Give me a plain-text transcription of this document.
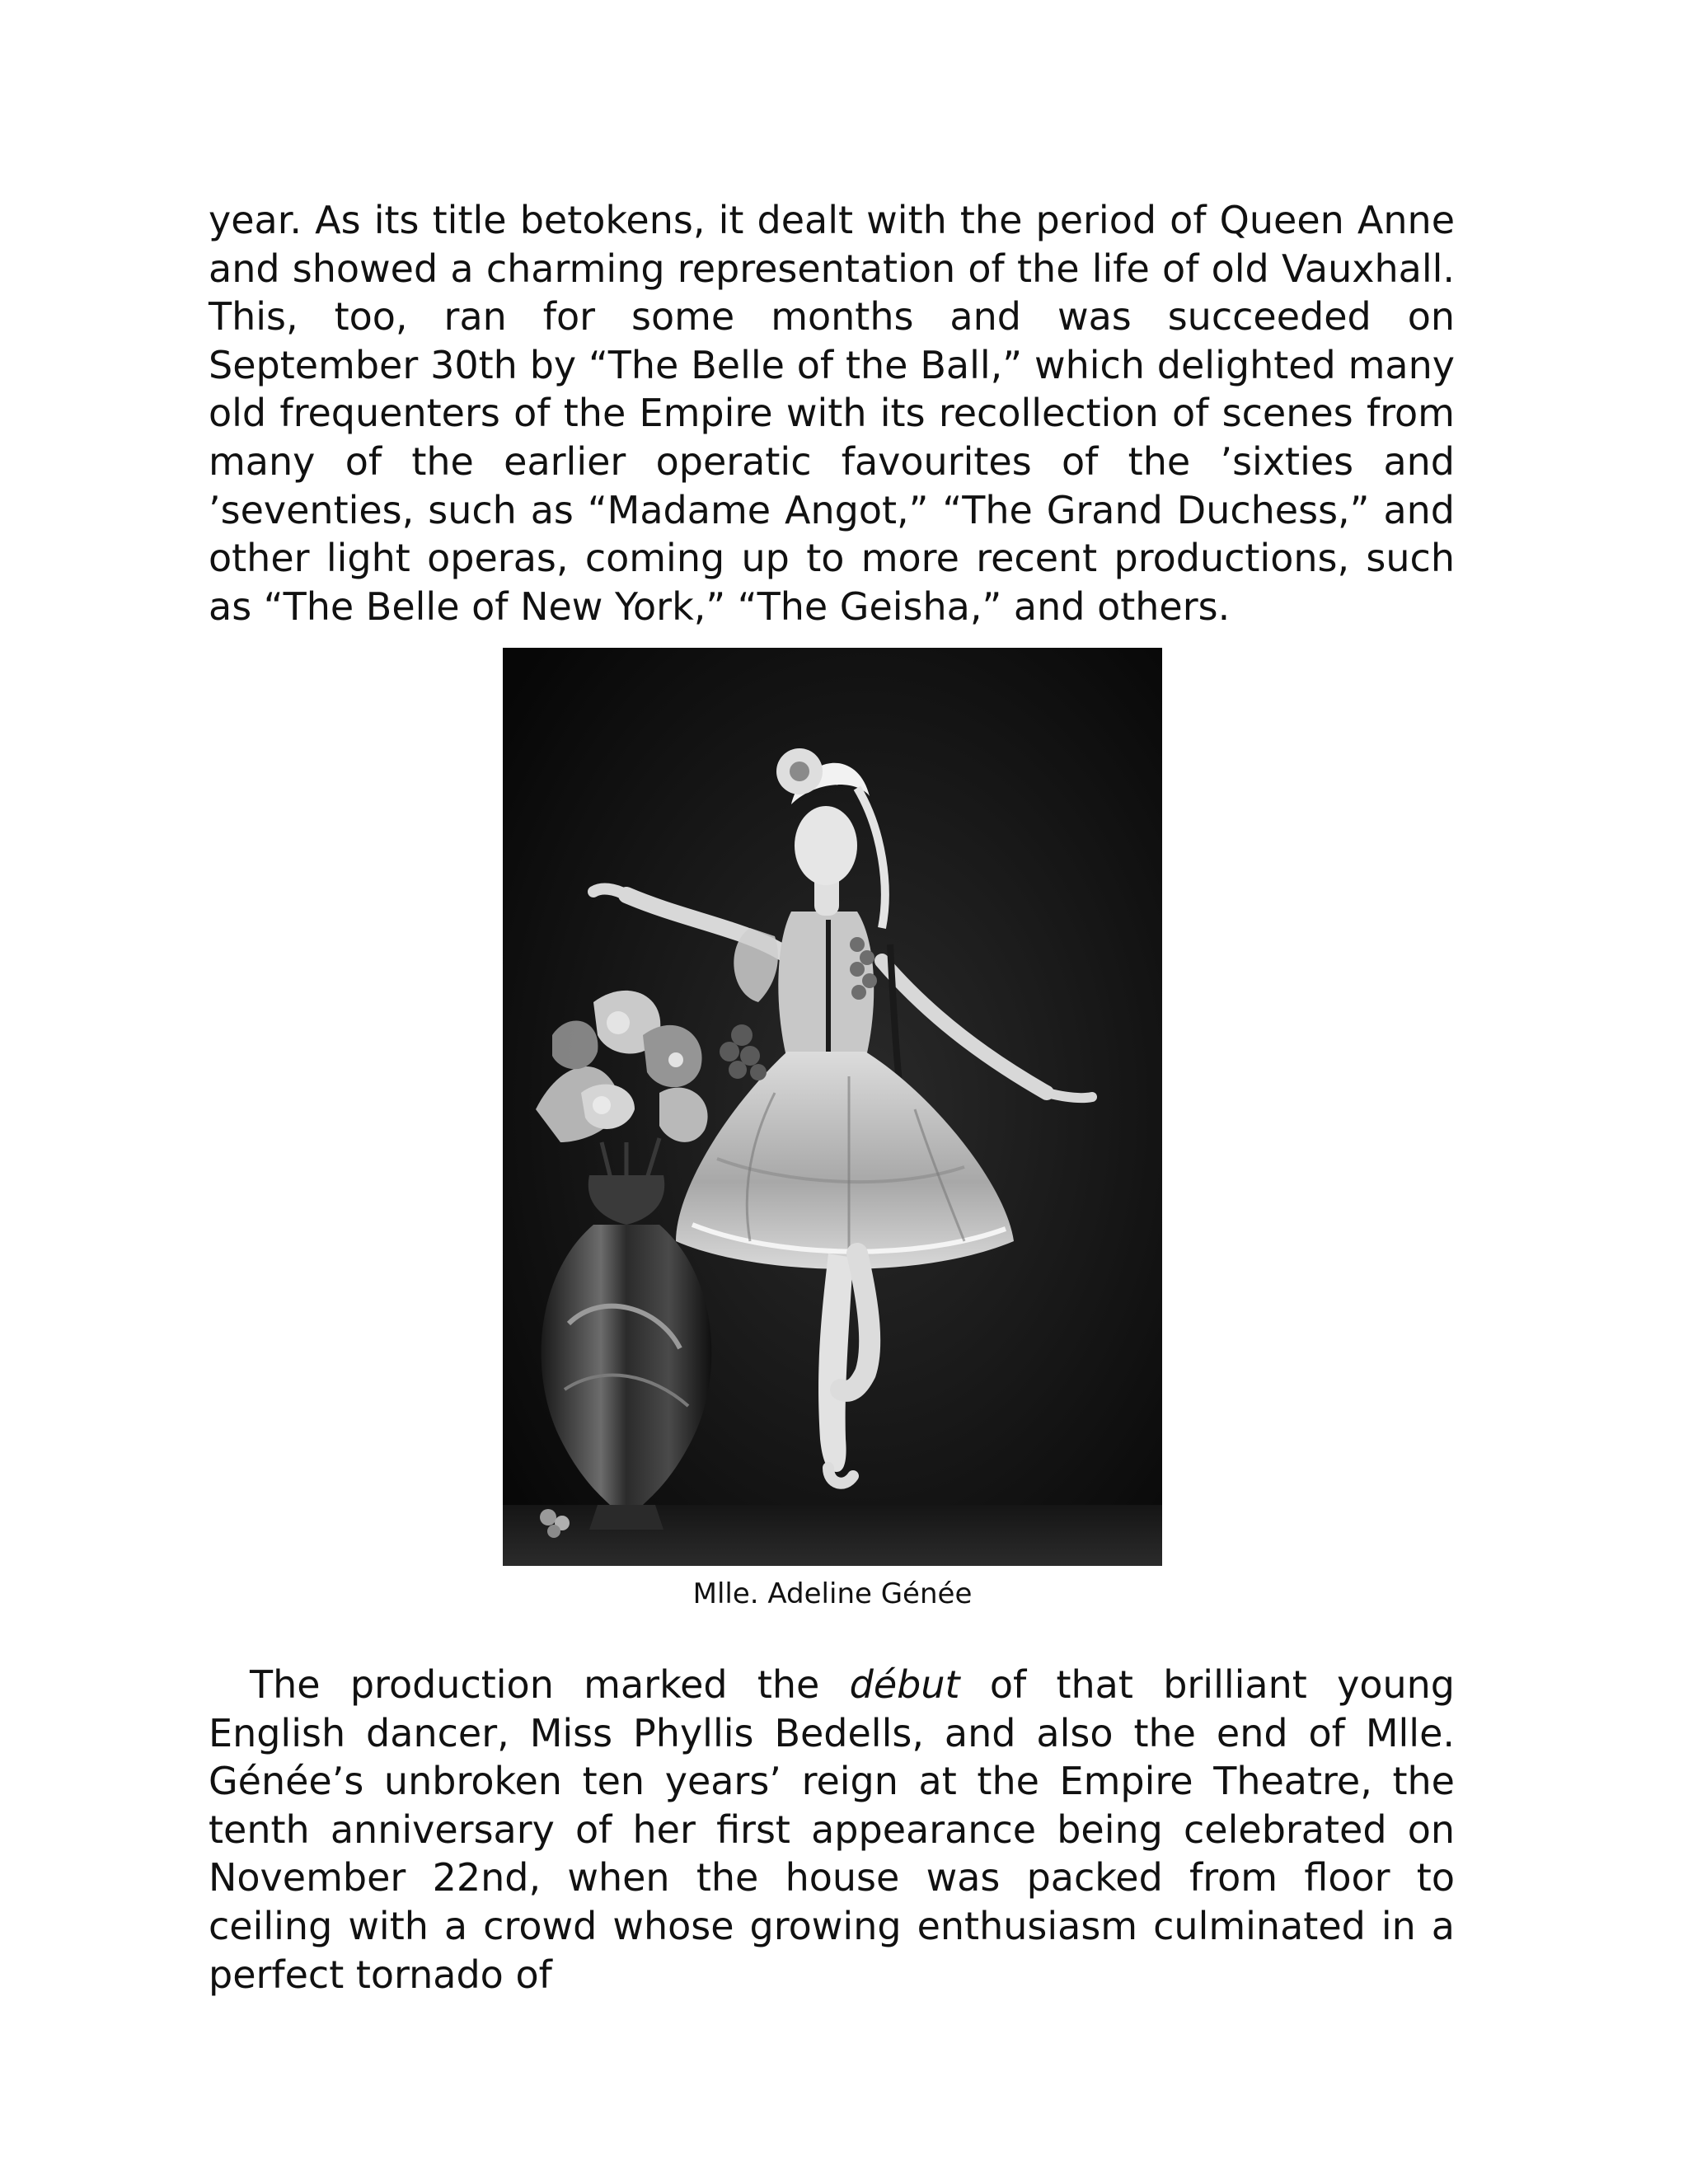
year. As its title betokens, it dealt with the period of Queen Anne and showed a charming representation of the life of old Vauxhall. This, too, ran for some months and was succeeded on September 30th by “The Belle of the Ball,” which delighted many old frequenters of the Empire with its recollection of scenes from many of the earlier operatic favourites of the ’sixties and ’seventies, such as “Madame Angot,” “The Grand Duchess,” and other light operas, coming up to more recent productions, such as “The Belle of New York,” “The Geisha,” and others.

Mlle. Adeline Génée

The production marked the début of that brilliant young English dancer, Miss Phyllis Bedells, and also the end of Mlle. Génée’s unbroken ten years’ reign at the Empire Theatre, the tenth anniversary of her first appearance being celebrated on November 22nd, when the house was packed from floor to ceiling with a crowd whose growing enthusiasm culminated in a perfect tornado of
